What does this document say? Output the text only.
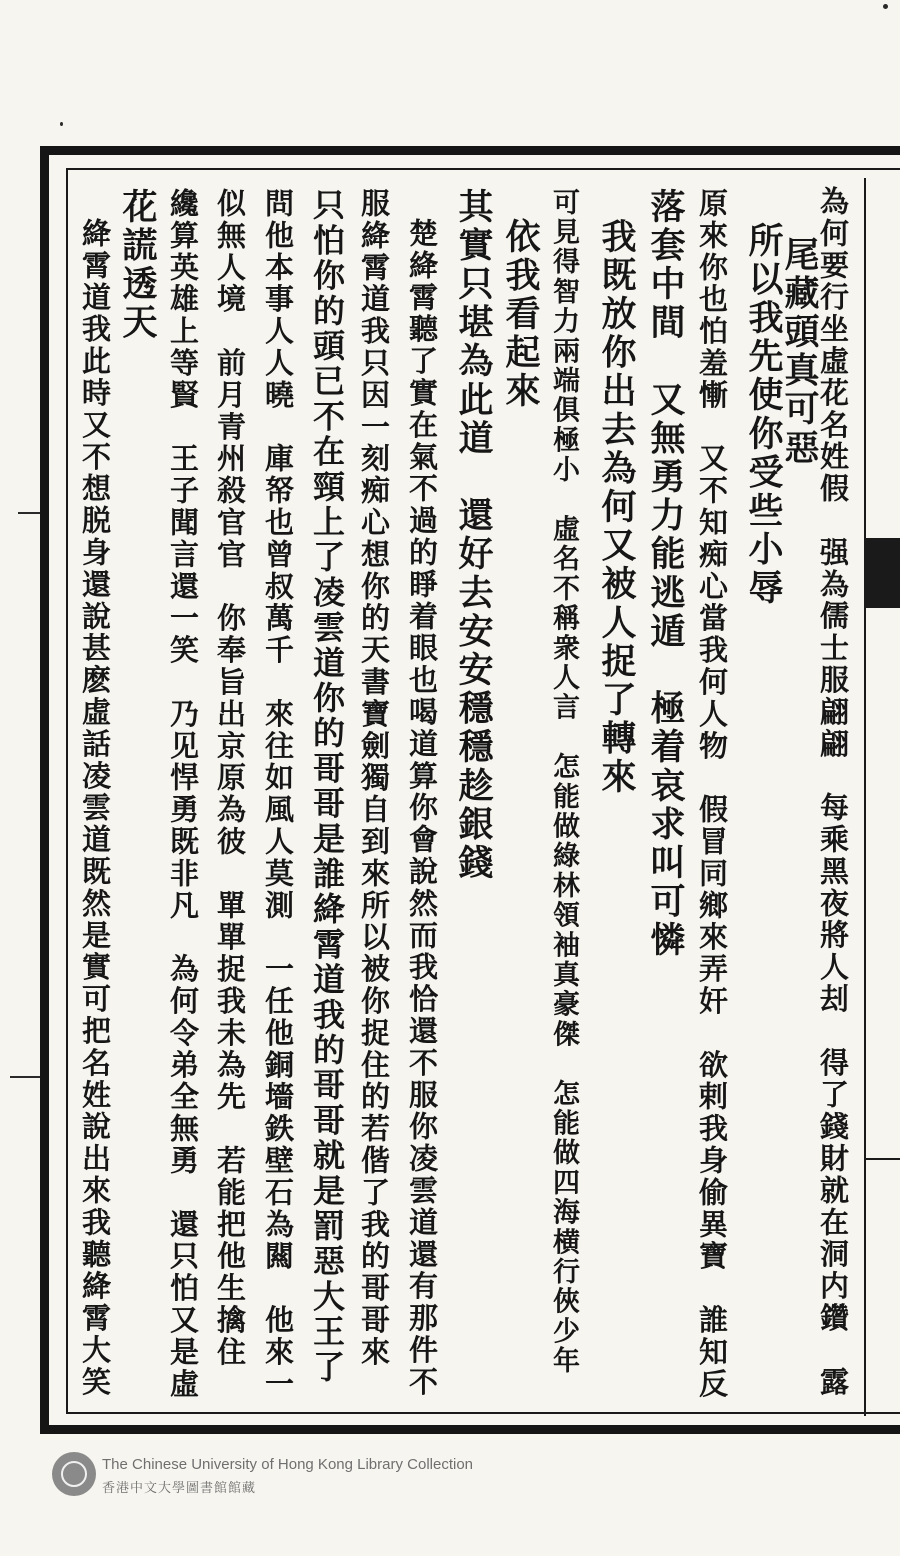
為何要行坐虛花名姓假　强為儒士服翩翩　每乘黑夜將人刦　得了錢財就在洞内鑽　露
尾藏頭真可惡
所以我先使你受些小辱
原來你也怕羞慚　又不知痴心當我何人物　假冒同鄉來弄奸　欲剌我身偷異寶　誰知反
落套中間　又無勇力能逃遁　極着哀求叫可憐
我既放你出去為何又被人捉了轉來
可見得智力兩端俱極小　虛名不稱衆人言　怎能做綠林領袖真豪傑　怎能做四海横行俠少年
依我看起來
其實只堪為此道　還好去安安穩穩趁銀錢
楚絳霄聽了實在氣不過的睜着眼也喝道算你會說然而我恰還不服你凌雲道還有那件不
服絳霄道我只因一刻痴心想你的天書寶劍獨自到來所以被你捉住的若偕了我的哥哥來
只怕你的頭已不在頸上了凌雲道你的哥哥是誰絳霄道我的哥哥就是罰惡大王了
問他本事人人曉　庫帑也曾叔萬千　來往如風人莫測　一任他銅墻鉄壁石為闗　他來一
似無人境　前月青州殺官官　你奉旨出京原為彼　單單捉我未為先　若能把他生擒住
纔算英雄上等賢　王子聞言還一笑　乃见悍勇既非凡　為何令弟全無勇　還只怕又是虛
花謊透天
絳霄道我此時又不想脱身還說甚麽虛話凌雲道既然是實可把名姓說出來我聽絳霄大笑
The Chinese University of Hong Kong Library Collection
香港中文大學圖書館館藏
